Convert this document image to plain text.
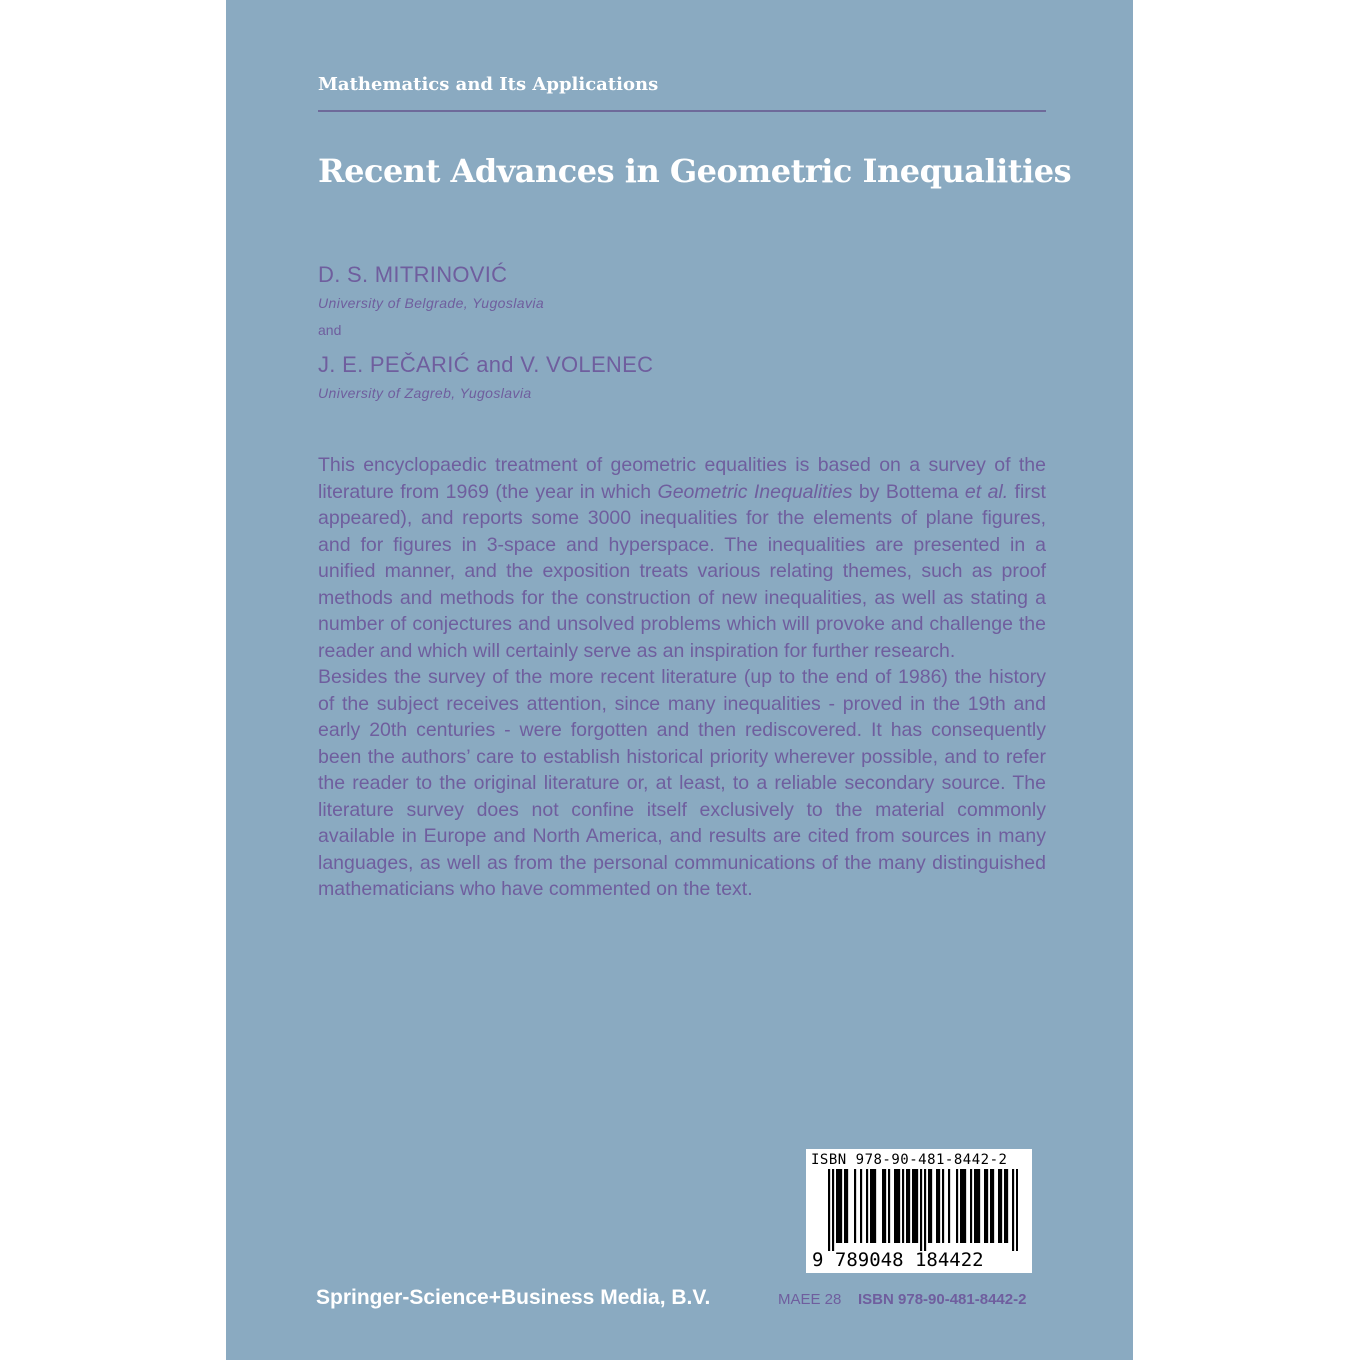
Mathematics and Its Applications
Recent Advances in Geometric Inequalities
D. S. MITRINOVIĆ
University of Belgrade, Yugoslavia
and
J. E. PEČARIĆ and V. VOLENEC
University of Zagreb, Yugoslavia

This encyclopaedic treatment of geometric equalities is based on a survey of the literature from 1969 (the year in which Geometric Inequalities by Bottema et al. first appeared), and reports some 3000 inequalities for the elements of plane figures, and for figures in 3-space and hyperspace. The inequalities are presented in a unified manner, and the exposition treats various relating themes, such as proof methods and methods for the construction of new inequalities, as well as stating a number of conjectures and unsolved problems which will provoke and challenge the reader and which will certainly serve as an inspiration for further research.

Besides the survey of the more recent literature (up to the end of 1986) the history of the subject receives attention, since many inequalities - proved in the 19th and early 20th centuries - were forgotten and then rediscovered. It has consequently been the authors’ care to establish historical priority wherever possible, and to refer the reader to the original literature or, at least, to a reliable secondary source. The literature survey does not confine itself exclusively to the material commonly available in Europe and North America, and results are cited from sources in many languages, as well as from the personal communications of the many distinguished mathematicians who have commented on the text.

ISBN 978-90-481-8442-2
9 789048 184422
Springer-Science+Business Media, B.V.	MAEE 28 ISBN 978-90-481-8442-2
